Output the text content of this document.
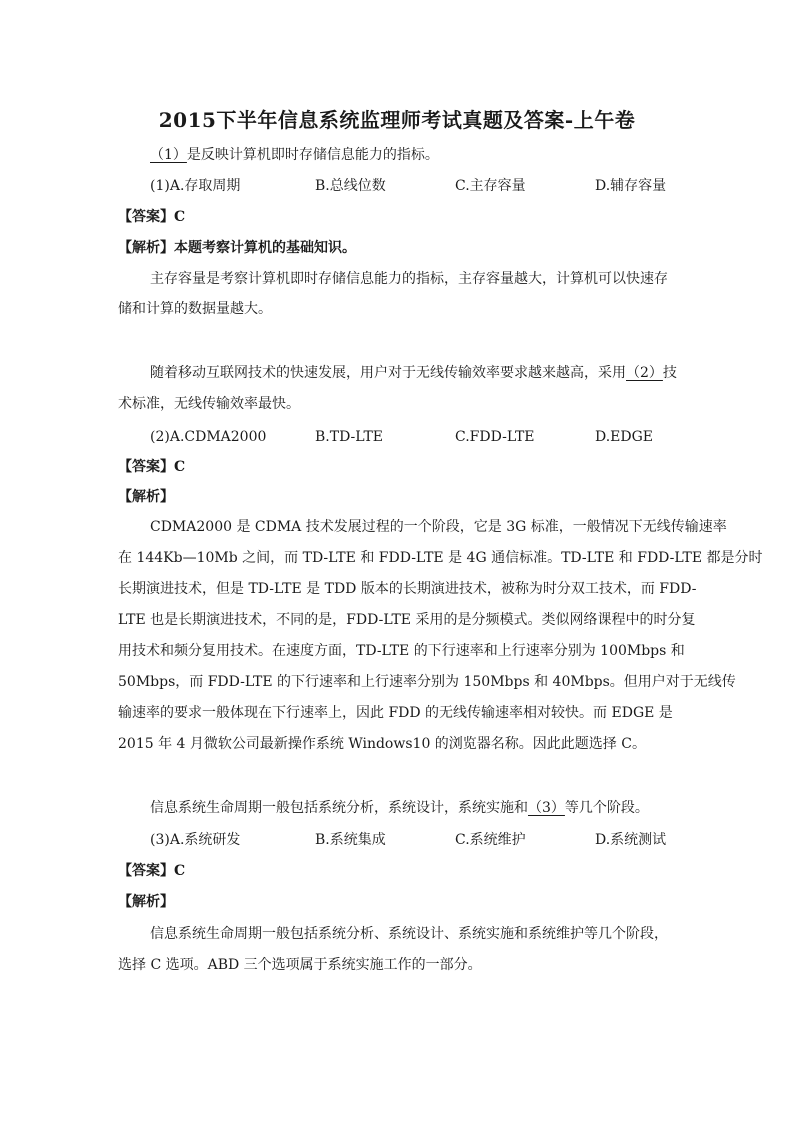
2015下半年信息系统监理师考试真题及答案-上午卷
（1）是反映计算机即时存储信息能力的指标。
(1)A.存取周期	B.总线位数	C.主存容量	D.辅存容量
【答案】C
【解析】本题考察计算机的基础知识。
主存容量是考察计算机即时存储信息能力的指标，主存容量越大，计算机可以快速存
储和计算的数据量越大。
随着移动互联网技术的快速发展，用户对于无线传输效率要求越来越高，采用（2）技
术标准，无线传输效率最快。
(2)A.CDMA2000	B.TD-LTE	C.FDD-LTE	D.EDGE
【答案】C
【解析】
CDMA2000 是 CDMA 技术发展过程的一个阶段，它是 3G 标准，一般情况下无线传输速率
在 144Kb—10Mb 之间，而 TD-LTE 和 FDD-LTE 是 4G 通信标准。TD-LTE 和 FDD-LTE 都是分时
长期演进技术，但是 TD-LTE 是 TDD 版本的长期演进技术，被称为时分双工技术，而 FDD-
LTE 也是长期演进技术，不同的是，FDD-LTE 采用的是分频模式。类似网络课程中的时分复
用技术和频分复用技术。在速度方面，TD-LTE 的下行速率和上行速率分别为 100Mbps 和
50Mbps，而 FDD-LTE 的下行速率和上行速率分别为 150Mbps 和 40Mbps。但用户对于无线传
输速率的要求一般体现在下行速率上，因此 FDD 的无线传输速率相对较快。而 EDGE 是
2015 年 4 月微软公司最新操作系统 Windows10 的浏览器名称。因此此题选择 C。
信息系统生命周期一般包括系统分析，系统设计，系统实施和（3）等几个阶段。
(3)A.系统研发	B.系统集成	C.系统维护	D.系统测试
【答案】C
【解析】
信息系统生命周期一般包括系统分析、系统设计、系统实施和系统维护等几个阶段，
选择 C 选项。ABD 三个选项属于系统实施工作的一部分。
